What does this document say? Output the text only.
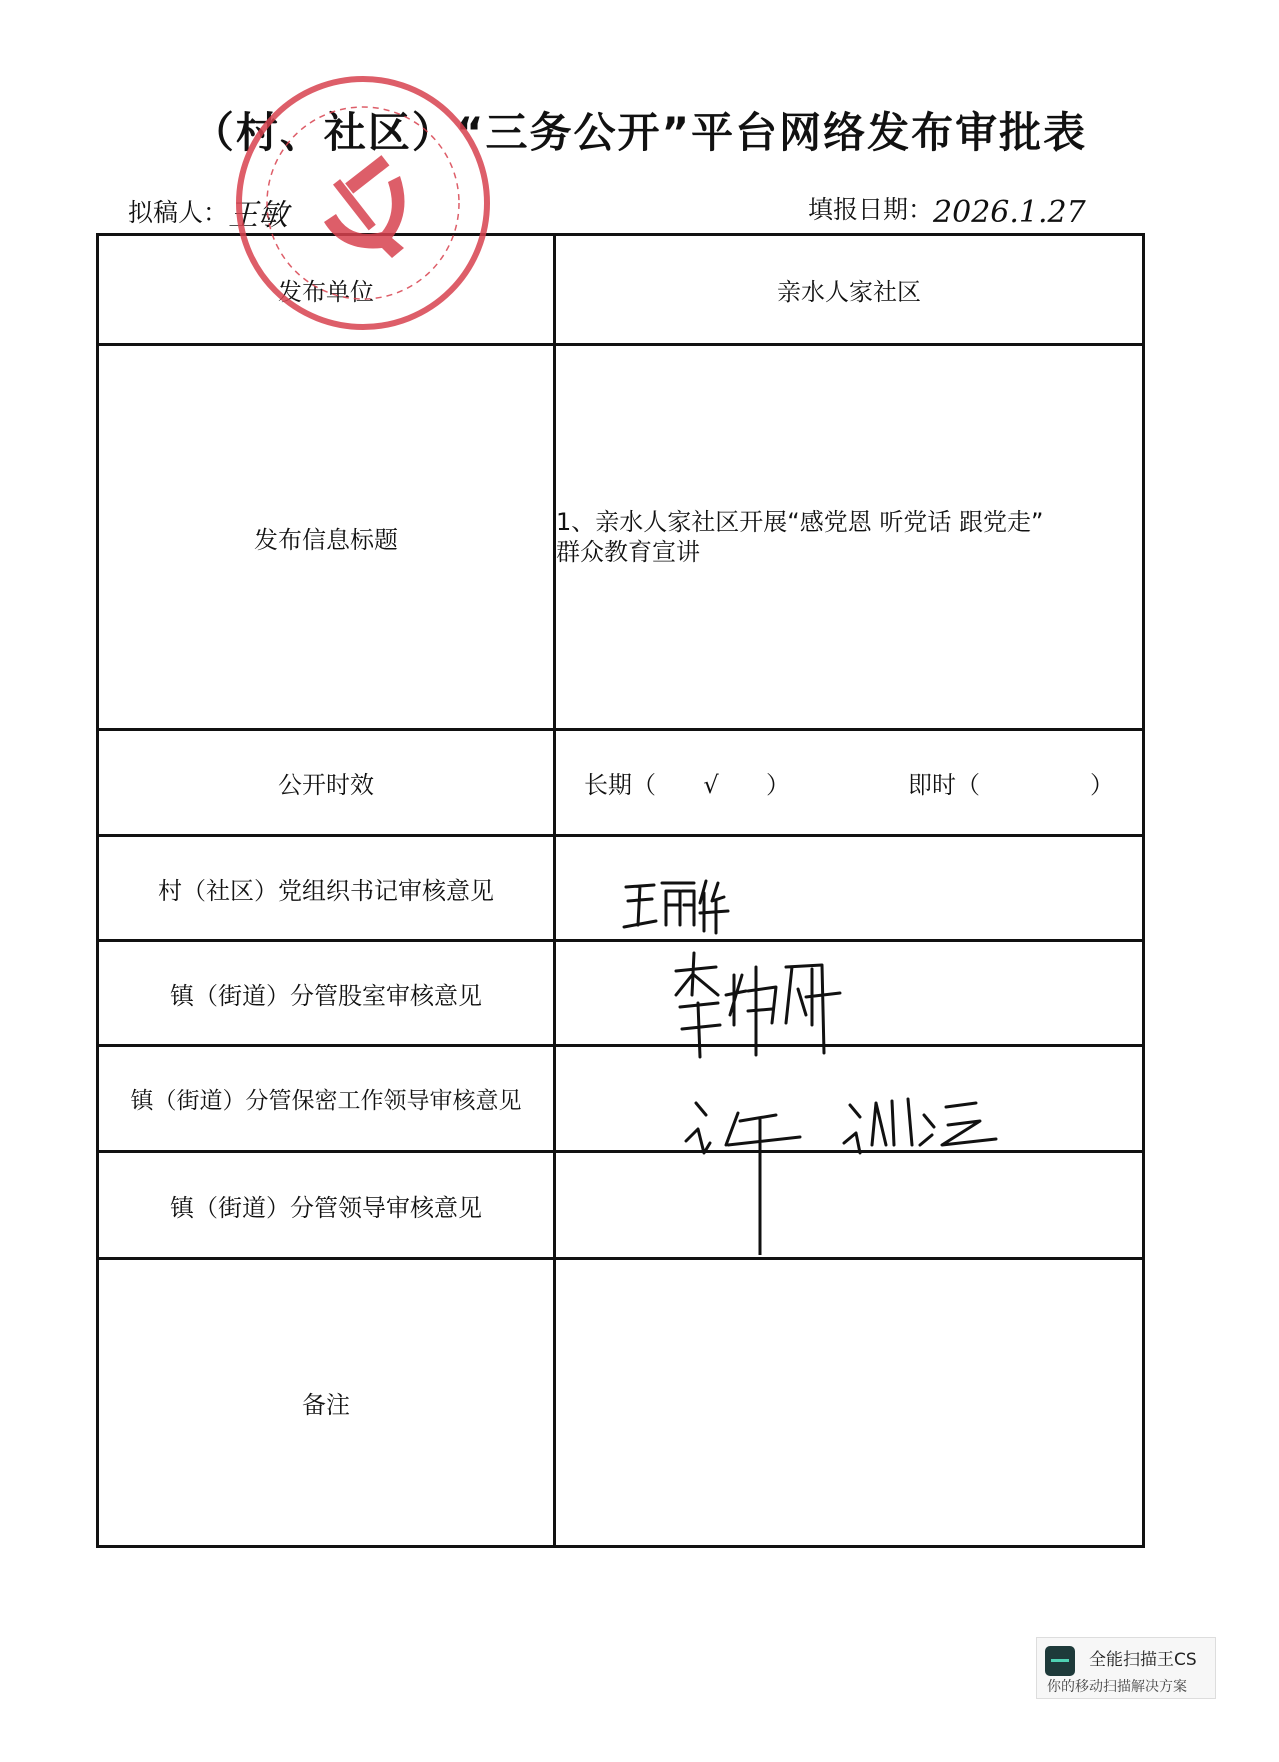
（村、社区）“三务公开”平台网络发布审批表
拟稿人：王敏	填报日期：2026.1.27
发布单位	亲水人家社区
发布信息标题	1、亲水人家社区开展“感党恩 听党话 跟党走”
群众教育宣讲

公开时效	长期（ √ ） 即时（ ）

村（社区）党组织书记审核意见	
镇（街道）分管股室审核意见	
镇（街道）分管保密工作领导审核意见	
镇（街道）分管领导审核意见	
备注	
全能扫描王CS
你的移动扫描解决方案
